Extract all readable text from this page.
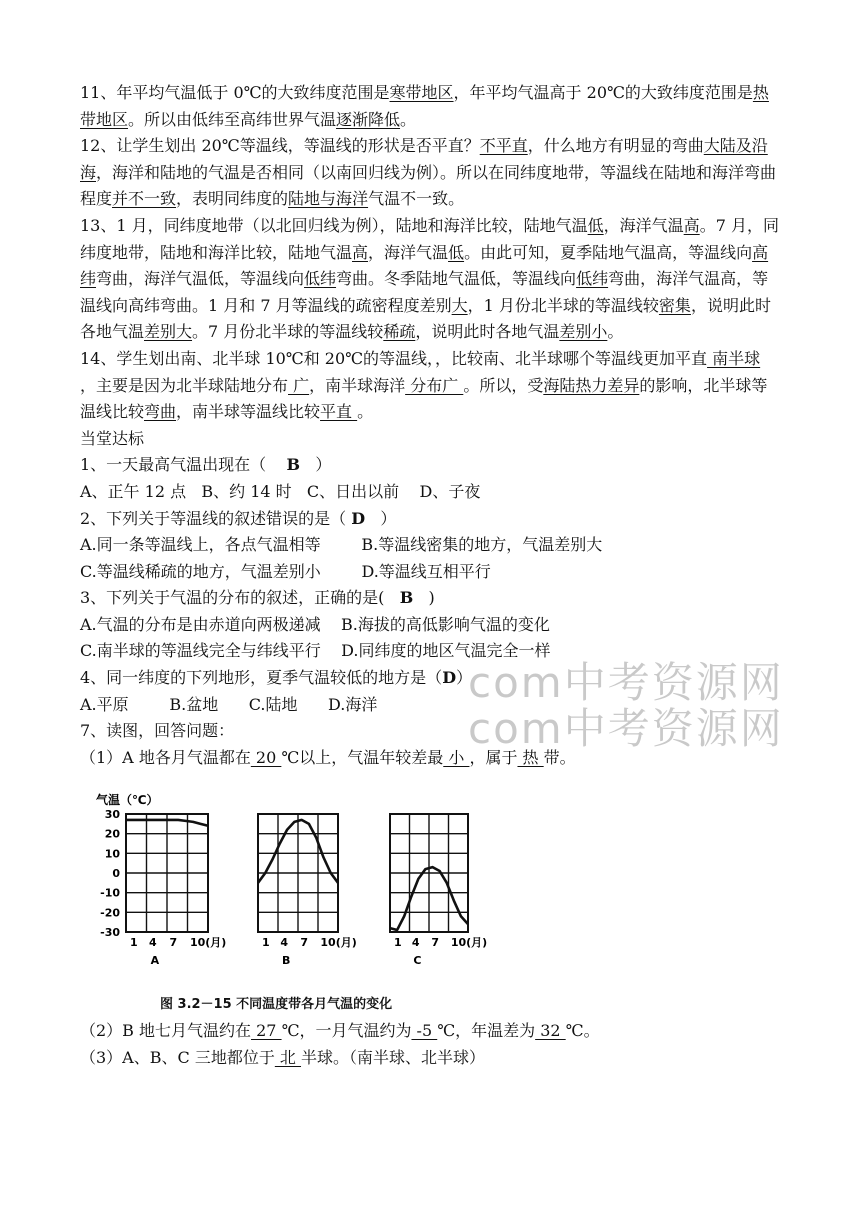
11、年平均气温低于 0℃的大致纬度范围是寒带地区，年平均气温高于 20℃的大致纬度范围是热带地区。所以由低纬至高纬世界气温逐渐降低。

12、让学生划出 20℃等温线，等温线的形状是否平直？不平直，什么地方有明显的弯曲大陆及沿海，海洋和陆地的气温是否相同（以南回归线为例）。所以在同纬度地带，等温线在陆地和海洋弯曲程度并不一致，表明同纬度的陆地与海洋气温不一致。

13、1 月，同纬度地带（以北回归线为例），陆地和海洋比较，陆地气温低，海洋气温高。7 月，同纬度地带，陆地和海洋比较，陆地气温高，海洋气温低。由此可知，夏季陆地气温高，等温线向高纬弯曲，海洋气温低，等温线向低纬弯曲。冬季陆地气温低，等温线向低纬弯曲，海洋气温高，等温线向高纬弯曲。1 月和 7 月等温线的疏密程度差别大，1 月份北半球的等温线较密集，说明此时各地气温差别大。7 月份北半球的等温线较稀疏，说明此时各地气温差别小。

14、学生划出南、北半球 10℃和 20℃的等温线，，比较南、北半球哪个等温线更加平直 南半球 ，主要是因为北半球陆地分布 广，南半球海洋 分布广 。所以，受海陆热力差异的影响，北半球等温线比较弯曲，南半球等温线比较平直 。

当堂达标

1、一天最高气温出现在（ B ）

A、正午 12 点 B、约 14 时 C、日出以前 D、子夜

2、下列关于等温线的叙述错误的是（ D ）

A.同一条等温线上，各点气温相等	B.等温线密集的地方，气温差别大

C.等温线稀疏的地方，气温差别小	D.等温线互相平行

3、下列关于气温的分布的叙述，正确的是( B )

A.气温的分布是由赤道向两极递减 B.海拔的高低影响气温的变化

C.南半球的等温线完全与纬线平行 D.同纬度的地区气温完全一样

4、同一纬度的下列地形，夏季气温较低的地方是（D）

A.平原	B.盆地 C.陆地 D.海洋

7、读图，回答问题：

（1）A 地各月气温都在 20 ℃以上，气温年较差最 小 ，属于 热 带。

com中考资源网
com中考资源网
气温（℃）
30
20
10
0
-10
-20
-30
1 4 7 10(月)
A
1 4 7 10(月)
B
1 4 7 10(月)
C
图 3.2－15 不同温度带各月气温的变化

（2）B 地七月气温约在 27 ℃，一月气温约为 -5 ℃，年温差为 32 ℃。

（3）A、B、C 三地都位于 北 半球。（南半球、北半球）
